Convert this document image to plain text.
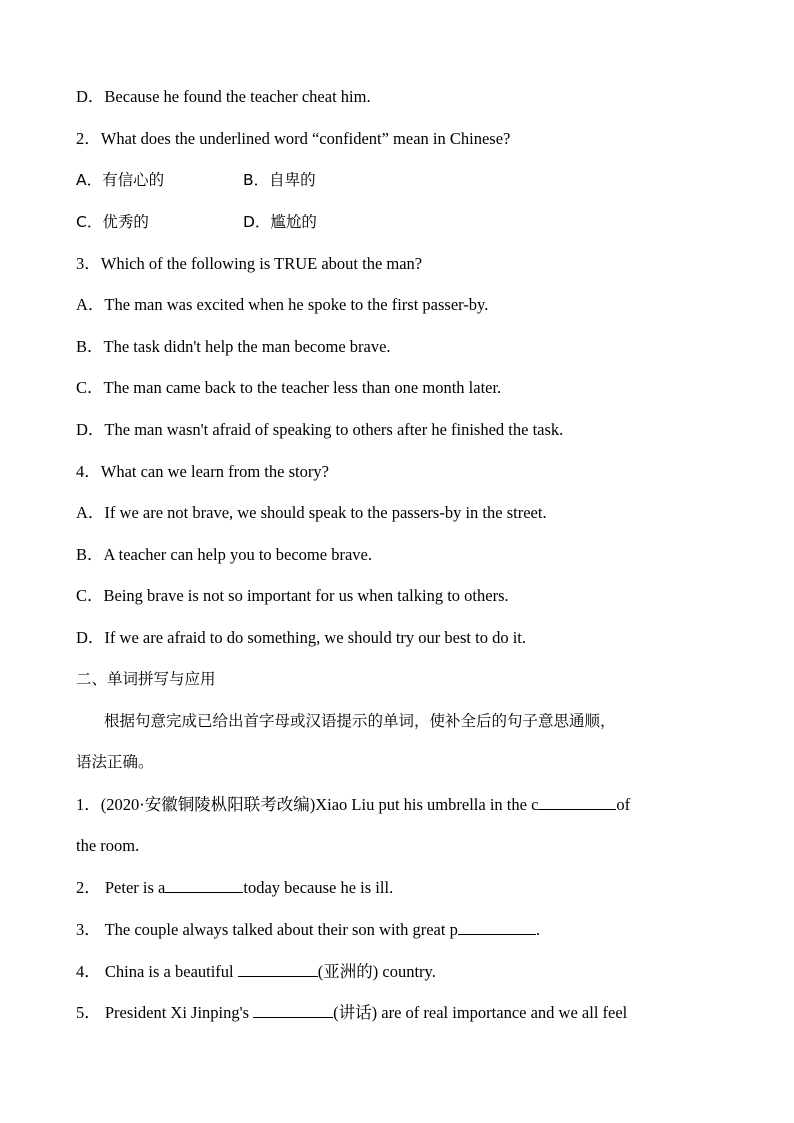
D．Because he found the teacher cheat him.
2．What does the underlined word “confident” mean in Chinese?
A．有信心的	B．自卑的
C．优秀的	D．尴尬的
3．Which of the following is TRUE about the man?
A．The man was excited when he spoke to the first passer-by.
B．The task didn't help the man become brave.
C．The man came back to the teacher less than one month later.
D．The man wasn't afraid of speaking to others after he finished the task.
4．What can we learn from the story?
A．If we are not brave, we should speak to the passers-by in the street.
B．A teacher can help you to become brave.
C．Being brave is not so important for us when talking to others.
D．If we are afraid to do something, we should try our best to do it.
二、单词拼写与应用
根据句意完成已给出首字母或汉语提示的单词，使补全后的句子意思通顺，
语法正确。
1．(2020·安徽铜陵枞阳联考改编)Xiao Liu put his umbrella in the c	of
the room.
2． Peter is a	today because he is ill.
3． The couple always talked about their son with great p	.
4． China is a beautiful	(亚洲的) country.
5． President Xi Jinping's	(讲话) are of real importance and we all feel
